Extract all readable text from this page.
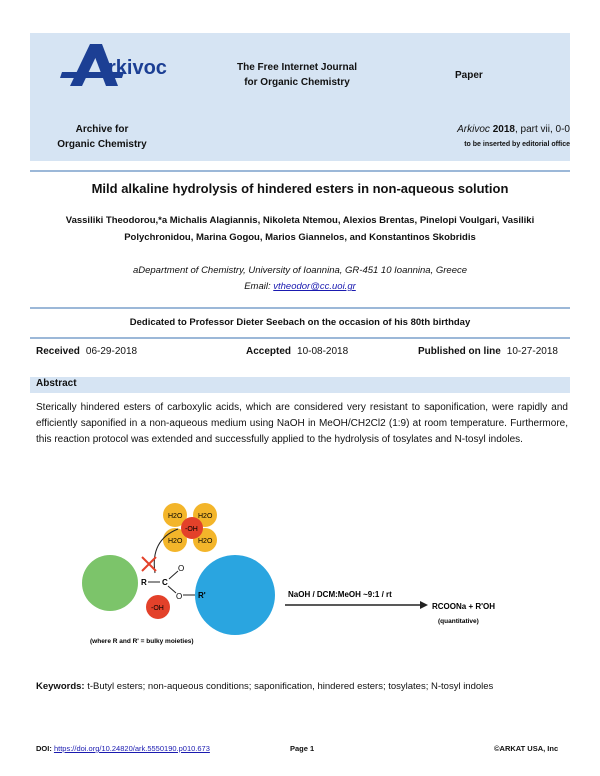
rkivoc
Archive for
Organic Chemistry
The Free Internet Journal
for Organic Chemistry
Paper
Arkivoc 2018, part vii, 0-0
to be inserted by editorial office
Mild alkaline hydrolysis of hindered esters in non-aqueous solution
Vassiliki Theodorou,*a Michalis Alagiannis, Nikoleta Ntemou, Alexios Brentas, Pinelopi Voulgari, Vasiliki
Polychronidou, Marina Gogou, Marios Giannelos, and Konstantinos Skobridis
aDepartment of Chemistry, University of Ioannina, GR-451 10 Ioannina, Greece
Email: vtheodor@cc.uoi.gr
Dedicated to Professor Dieter Seebach on the occasion of his 80th birthday
Received 06-29-2018	Accepted 10-08-2018	Published on line 10-27-2018
Abstract
Sterically hindered esters of carboxylic acids, which are considered very resistant to saponification, were rapidly and efficiently saponified in a non-aqueous medium using NaOH in MeOH/CH2Cl2 (1:9) at room temperature. Furthermore, this reaction protocol was extended and successfully applied to the hydrolysis of tosylates and N-tosyl indoles.
H2O H2O
H2O H2O
-OH
-OH
R C
O
O R'	NaOH / DCM:MeOH ~9:1 / rt
RCOONa + R'OH
(quantitative)
(where R and R' = bulky moieties)
Keywords: t-Butyl esters; non-aqueous conditions; saponification, hindered esters; tosylates; N-tosyl indoles
DOI: https://doi.org/10.24820/ark.5550190.p010.673	Page 1	©ARKAT USA, Inc
